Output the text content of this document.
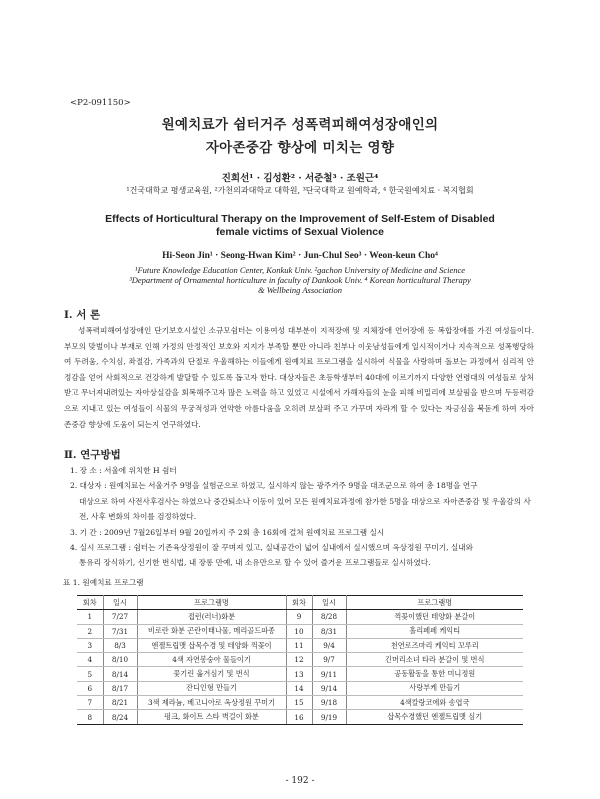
<P2-091150>
원예치료가 쉼터거주 성폭력피해여성장애인의
자아존중감 향상에 미치는 영향
진희선¹ · 김성환² · 서준철³ · 조원근⁴
¹건국대학교 평생교육원, ²가천의과대학교 대학원, ³단국대학교 원예학과, ⁴ 한국원예치료 · 복지협회
Effects of Horticultural Therapy on the Improvement of Self-Estem of Disabled
female victims of Sexual Violence
Hi-Seon Jin¹ · Seong-Hwan Kim² · Jun-Chul Seo³ · Weon-keun Cho⁴
¹Future Knowledge Education Center, Konkuk Univ. ²gachon University of Medicine and Science
³Department of Ornamental horticulture in faculty of Dankook Univ. ⁴ Korean horticultural Therapy
& Wellbeing Association
Ⅰ. 서 론
성폭력피해여성장애인 단기보호시설인 소규모쉼터는 이용여성 대부분이 지적장애 및 지체장애 언어장애 등 복합장애를 가진 여성들이다. 부모의 맞벌이나 부재로 인해 가정의 안정적인 보호와 지지가 부족할 뿐만 아니라 친부나 이웃남성들에게 일시적이거나 지속적으로 성폭행당하여 두려움, 수치심, 좌절감, 가족과의 단절로 우울해하는 이들에게 원예치료 프로그램을 실시하여 식물을 사랑하며 돌보는 과정에서 심리적 안정감을 얻어 사회적으로 건강하게 발달할 수 있도록 돕고자 한다. 대상자들은 초등학생부터 40대에 이르기까지 다양한 연령대의 여성들로 상처받고 무너져내려있는 자아상실감을 회복해주고자 많은 노력을 하고 있었고 시설에서 가해자들의 눈을 피해 비밀리에 보살핌을 받으며 두등력감으로 지내고 있는 여성들이 식물의 무궁적성과 연약한 아름다움을 오히려 보살펴 주고 가꾸며 자라게 할 수 있다는 자긍심을 북돋게 하여 자아존중감 향상에 도움이 되는지 연구하였다.
Ⅱ. 연구방법
1. 장 소 : 서울에 위치한 H 쉼터
2. 대상자 : 원예치료는 서울거주 9명을 실험군으로 하였고, 실시하지 않는 광주거주 9명을 대조군으로 하여 총 18명을 연구
대상으로 하여 사전사후검사는 하였으나 중간퇴소나 이동이 있어 모든 원예치료과정에 참가한 5명을 대상으로 자아존중감 및 우울감의 사전, 사후 변화의 차이를 검정하였다.
3. 기 간 : 2009년 7월26일부터 9월 20일까지 주 2회 총 16회에 걸쳐 원예치료 프로그램 실시
4. 실시 프로그램 : 쉼터는 기존육상정원이 잘 꾸며져 있고, 실내공간이 넓어 실내에서 실시했으며 옥상정원 꾸미기, 실내와
통유리 장식하기, 신기한 번식법, 내 장롱 만예, 내 소유만으로 할 수 있어 즐거운 프로그램들로 실시하였다.
표 1. 원예치료 프로그램
회차	일시	프로그램명	회차	일시	프로그램명
1	7/27	접런(러너)화분	9	8/28	꺽꽂이했던 테양화 분갈이
2	7/31	비로란 화분 곤란이태나물, 메리골드파종	10	8/31	홀리페페 케익티
3	8/3	엔젤트립맷 삽목수경 및 테양화 꺽꽂이	11	9/4	천연로즈마리 케익티 꼬루리
4	8/10	4색 자연봉숭아 물들이기	12	9/7	긴머리소녀 타라 분갈이 및 번식
5	8/14	꽃기린 옮겨심기 및 번식	13	9/11	공동활동을 통한 미니정원
6	8/17	잔디인형 만들기	14	9/14	사랑부케 만들기
7	8/21	3색 제라늄, 베고니아로 옥상정원 꾸미기	15	9/18	4색칼랑코에와 송엽국
8	8/24	펑크, 화이트 스타 벽걸이 화분	16	9/19	삽목수경했던 엔젤트립맷 심기
- 192 -
